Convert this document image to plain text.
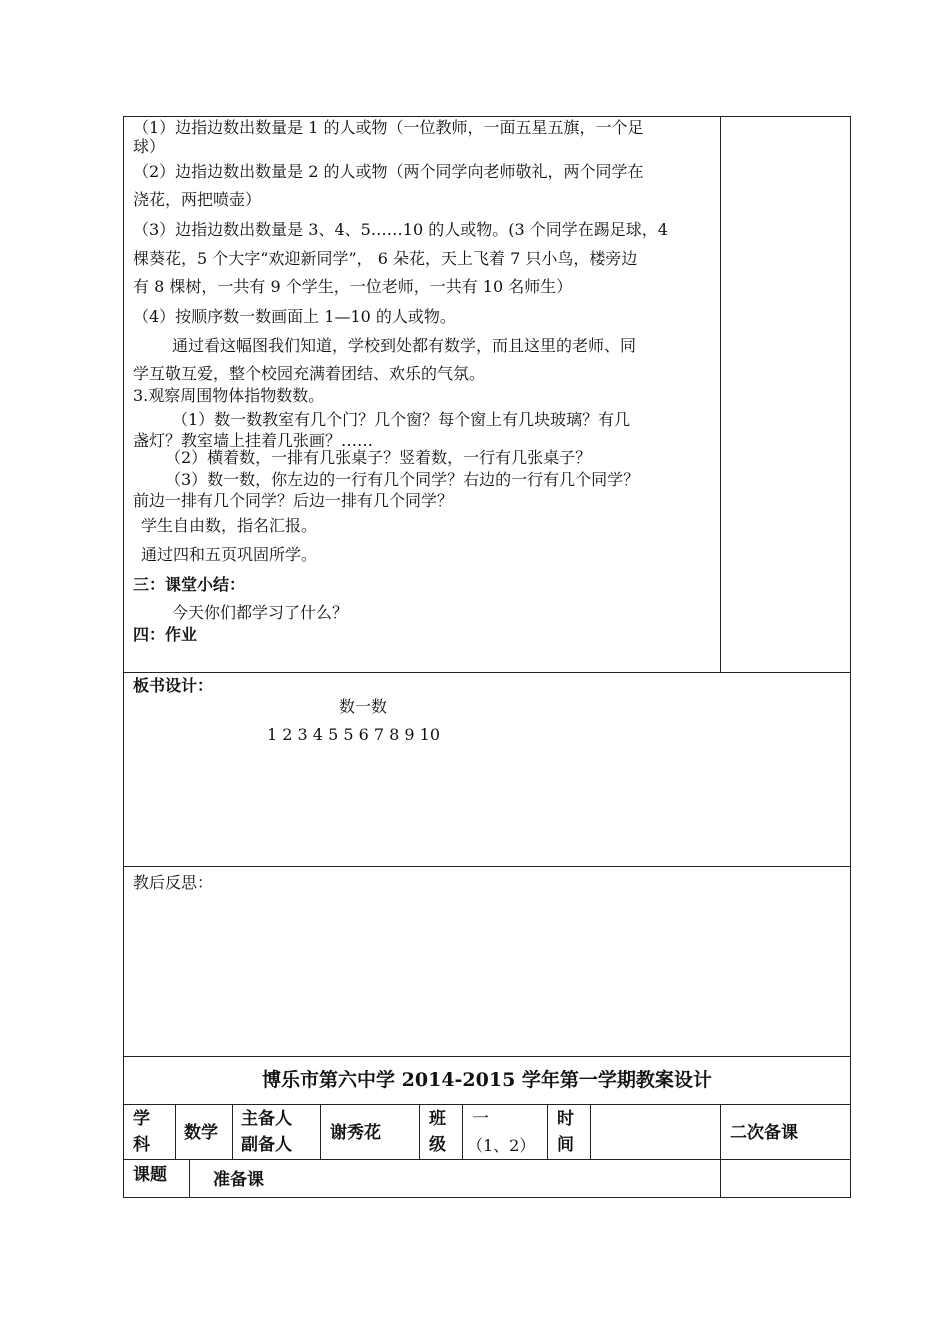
（1）边指边数出数量是 1 的人或物（一位教师，一面五星五旗，一个足
球）
（2）边指边数出数量是 2 的人或物（两个同学向老师敬礼，两个同学在
浇花，两把喷壶）
（3）边指边数出数量是 3、4、5……10 的人或物。(3 个同学在踢足球，4
棵葵花，5 个大字“欢迎新同学”， 6 朵花，天上飞着 7 只小鸟，楼旁边
有 8 棵树，一共有 9 个学生，一位老师，一共有 10 名师生）
（4）按顺序数一数画面上 1—10 的人或物。
通过看这幅图我们知道，学校到处都有数学，而且这里的老师、同
学互敬互爱，整个校园充满着团结、欢乐的气氛。
3.观察周围物体指物数数。
（1）数一数教室有几个门？几个窗？每个窗上有几块玻璃？有几
盏灯？教室墙上挂着几张画？……
（2）横着数，一排有几张桌子？竖着数，一行有几张桌子？
（3）数一数，你左边的一行有几个同学？右边的一行有几个同学？
前边一排有几个同学？后边一排有几个同学？
学生自由数，指名汇报。
通过四和五页巩固所学。
三：课堂小结：
今天你们都学习了什么？
四：作业
板书设计：
数一数
1 2 3 4 5 5 6 7 8 9 10
教后反思：
博乐市第六中学 2014-2015 学年第一学期教案设计
学
科
数学
主备人
副备人
谢秀花
班
级
一
（1、2）
时
间
二次备课
课题	准备课
